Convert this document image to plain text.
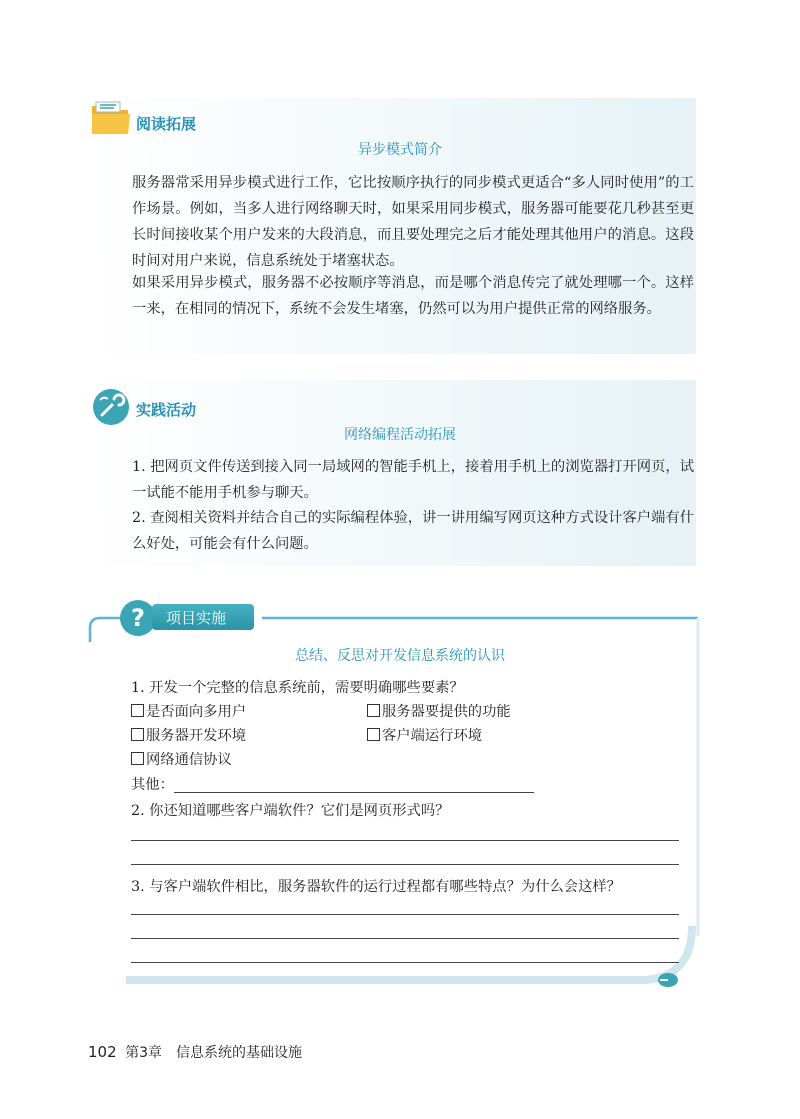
阅读拓展
异步模式简介
服务器常采用异步模式进行工作，它比按顺序执行的同步模式更适合“多人同时使用”的工作场景。例如，当多人进行网络聊天时，如果采用同步模式，服务器可能要花几秒甚至更长时间接收某个用户发来的大段消息，而且要处理完之后才能处理其他用户的消息。这段时间对用户来说，信息系统处于堵塞状态。
如果采用异步模式，服务器不必按顺序等消息，而是哪个消息传完了就处理哪一个。这样一来，在相同的情况下，系统不会发生堵塞，仍然可以为用户提供正常的网络服务。
实践活动
网络编程活动拓展
1. 把网页文件传送到接入同一局域网的智能手机上，接着用手机上的浏览器打开网页，试一试能不能用手机参与聊天。
2. 查阅相关资料并结合自己的实际编程体验，讲一讲用编写网页这种方式设计客户端有什么好处，可能会有什么问题。
? 项目实施
总结、反思对开发信息系统的认识
1. 开发一个完整的信息系统前，需要明确哪些要素？
是否面向多用户	服务器要提供的功能
服务器开发环境	客户端运行环境
网络通信协议
其他：
2. 你还知道哪些客户端软件？它们是网页形式吗？
3. 与客户端软件相比，服务器软件的运行过程都有哪些特点？为什么会这样？
102 第3章　信息系统的基础设施
